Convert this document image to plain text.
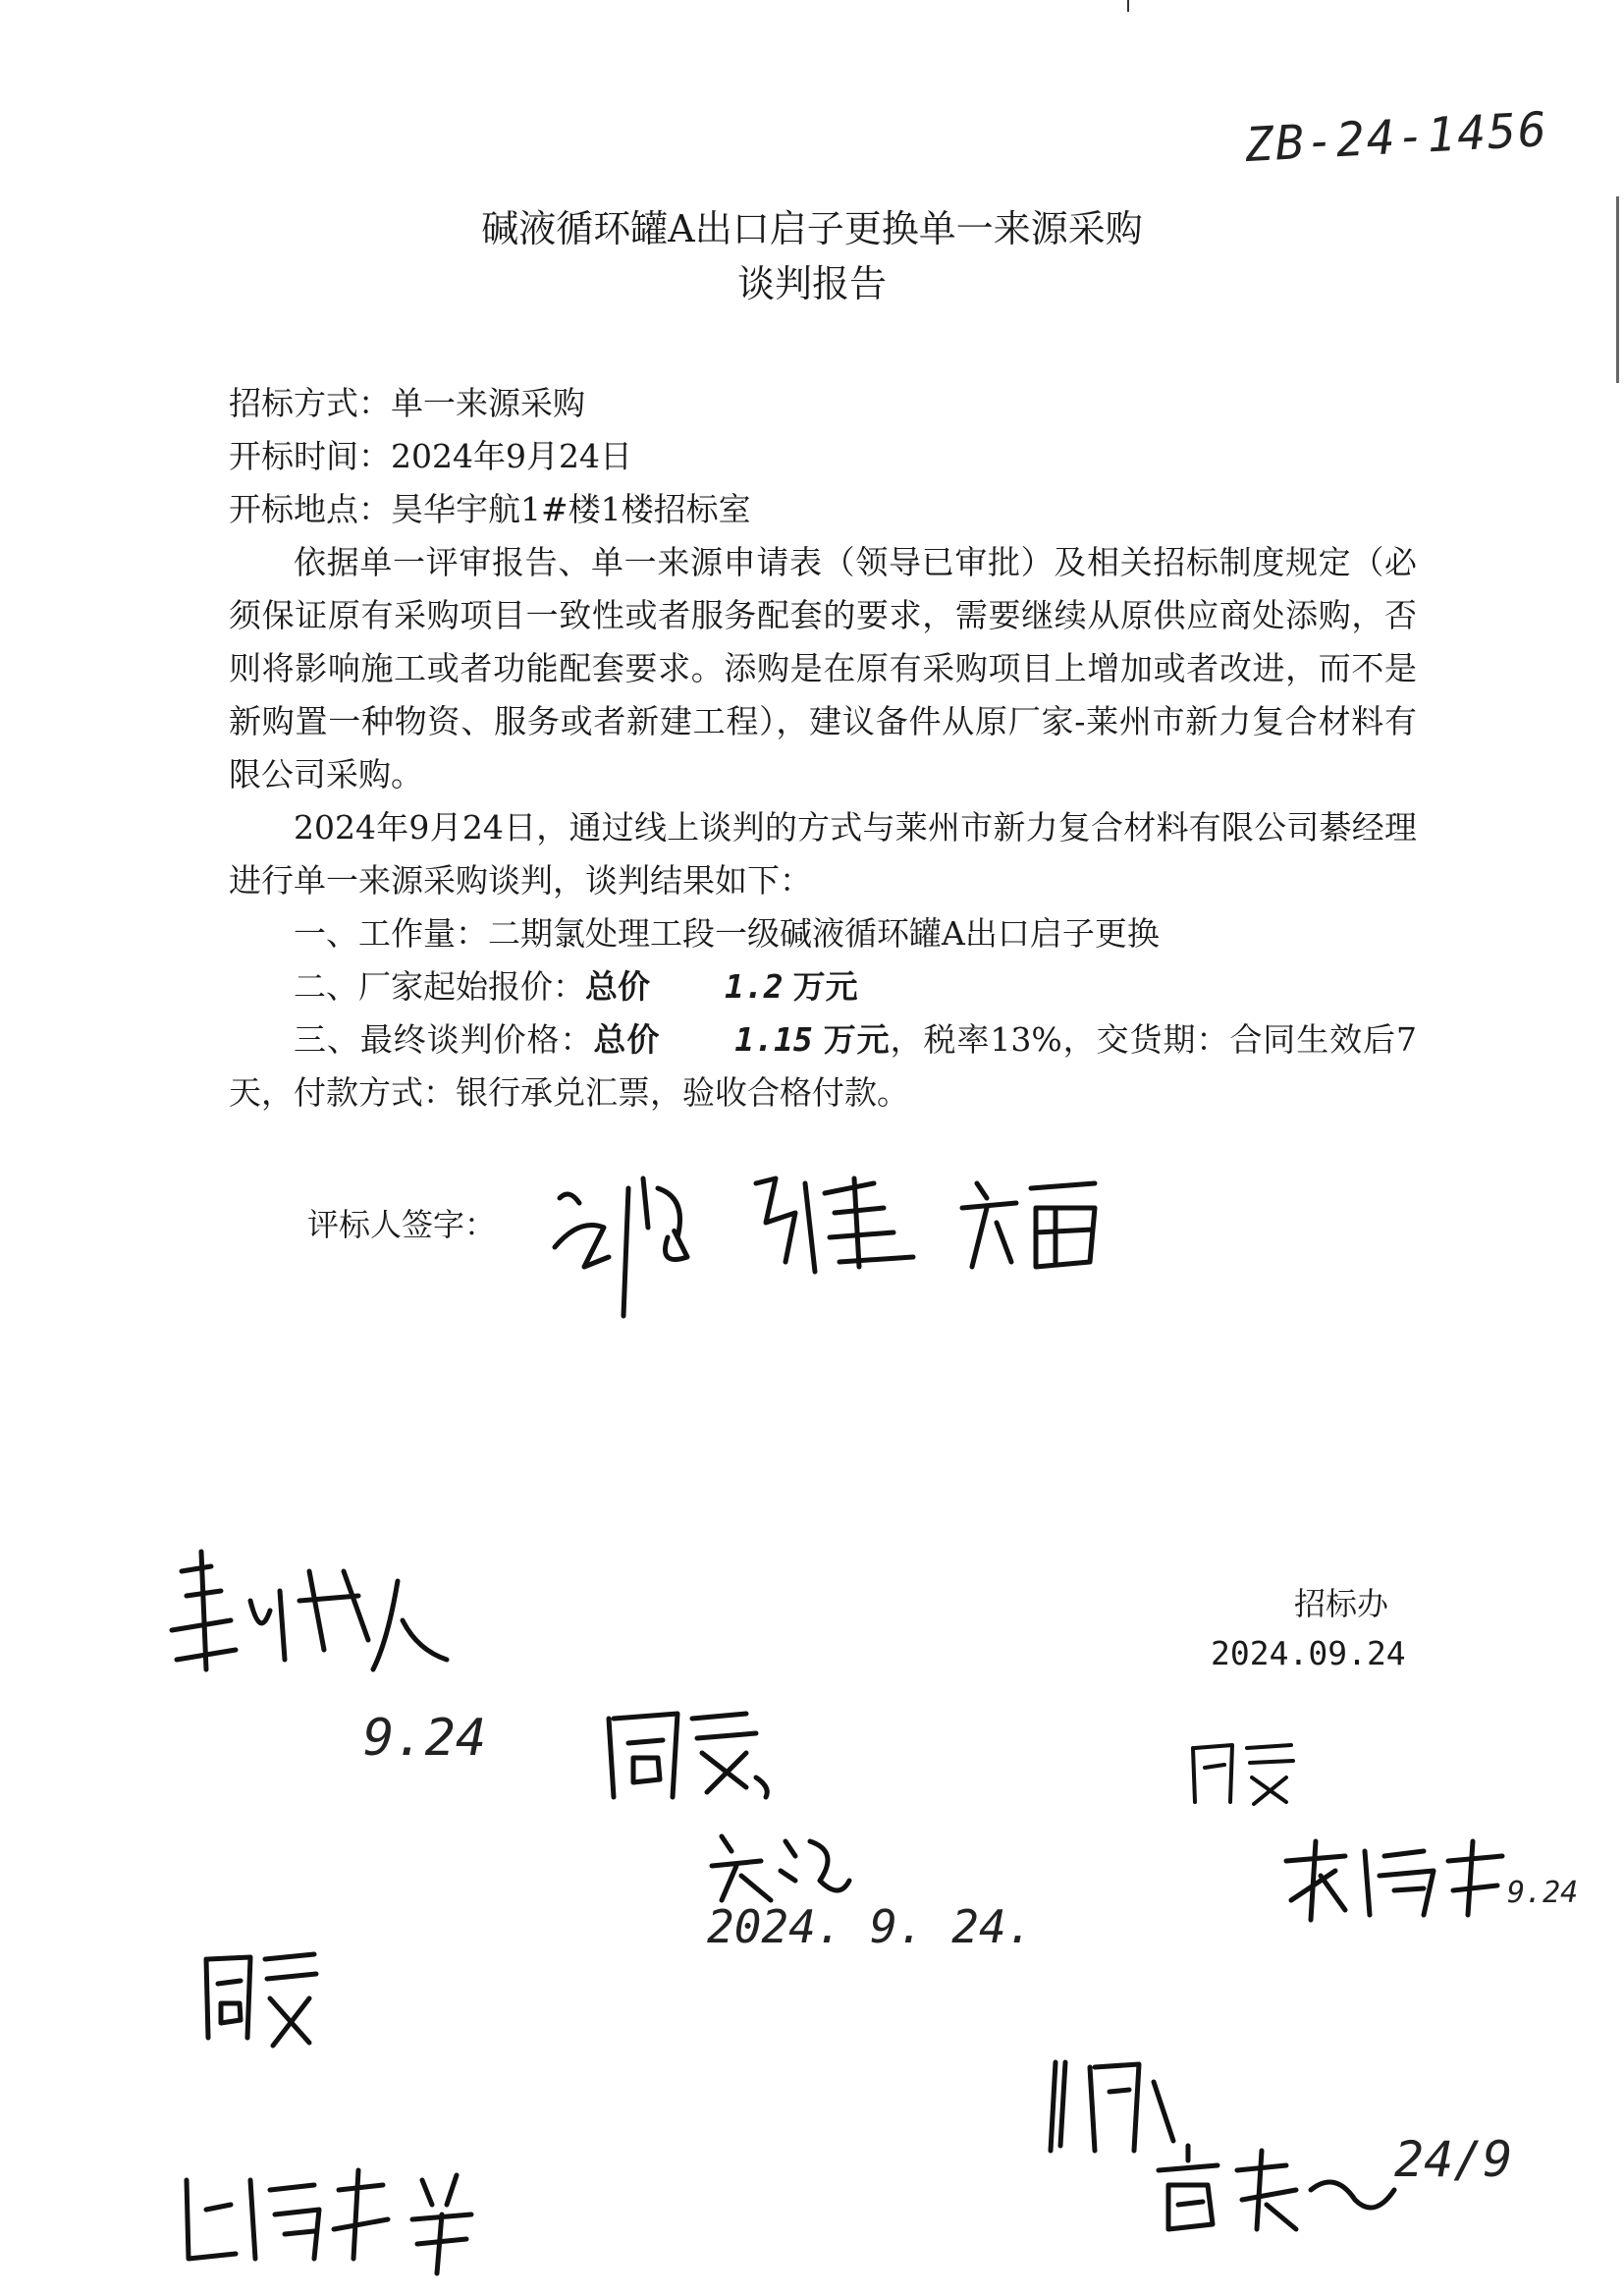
ZB-24-1456
碱液循环罐A出口启子更换单一来源采购
谈判报告
招标方式：单一来源采购
开标时间：2024年9月24日
开标地点：昊华宇航1#楼1楼招标室

依据单一评审报告、单一来源申请表（领导已审批）及相关招标制度规定（必须保证原有采购项目一致性或者服务配套的要求，需要继续从原供应商处添购，否则将影响施工或者功能配套要求。添购是在原有采购项目上增加或者改进，而不是新购置一种物资、服务或者新建工程），建议备件从原厂家-莱州市新力复合材料有限公司采购。

2024年9月24日，通过线上谈判的方式与莱州市新力复合材料有限公司綦经理进行单一来源采购谈判，谈判结果如下：

一、工作量：二期氯处理工段一级碱液循环罐A出口启子更换
二、厂家起始报价：总价 1.2 万元

三、最终谈判价格：总价 1.15 万元，税率13%，交货期：合同生效后7天，付款方式：银行承兑汇票，验收合格付款。

评标人签字：
招标办
2024.09.24
9.24
2024. 9. 24.
9.24
24/9
